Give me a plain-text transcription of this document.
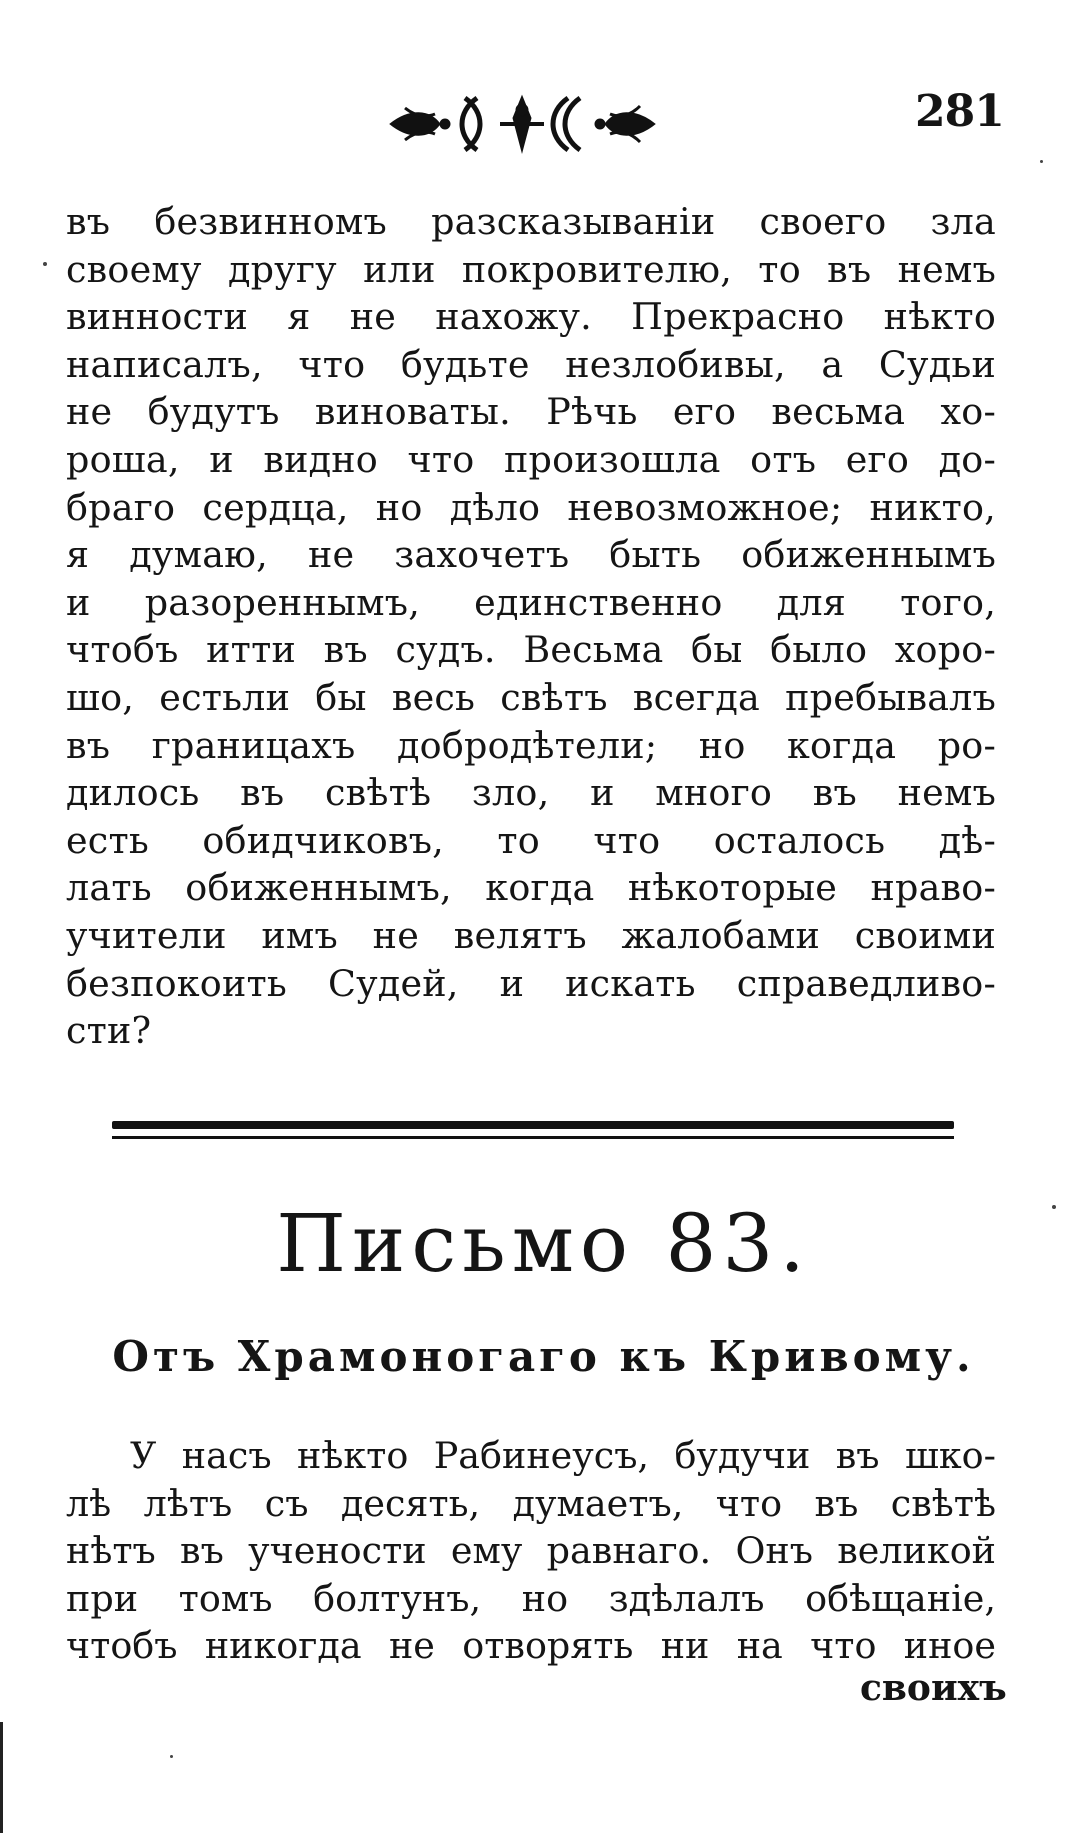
281
въ безвинномъ разсказываніи своего зла
своему другу или покровителю, то въ немъ
винности я не нахожу. Прекрасно нѣкто
написалъ, что будьте незлобивы, а Судьи
не будутъ виноваты. Рѣчь его весьма хо-
роша, и видно что произошла отъ его до-
браго сердца, но дѣло невозможное; никто,
я думаю, не захочетъ быть обиженнымъ
и разореннымъ, единственно для того,
чтобъ итти въ судъ. Весьма бы было хоро-
шо, естьли бы весь свѣтъ всегда пребывалъ
въ границахъ добродѣтели; но когда ро-
дилось въ свѣтѣ зло, и много въ немъ
есть обидчиковъ, то что осталось дѣ-
лать обиженнымъ, когда нѣкоторые нраво-
учители имъ не велятъ жалобами своими
безпокоить Судей, и искать справедливо-
сти?
Письмо 83.
Отъ Храмоногаго къ Кривому.
У насъ нѣкто Рабинеусъ, будучи въ шко-
лѣ лѣтъ съ десять, думаетъ, что въ свѣтѣ
нѣтъ въ учености ему равнаго. Онъ великой
при томъ болтунъ, но здѣлалъ обѣщаніе,
чтобъ никогда не отворять ни на что иное
своихъ
